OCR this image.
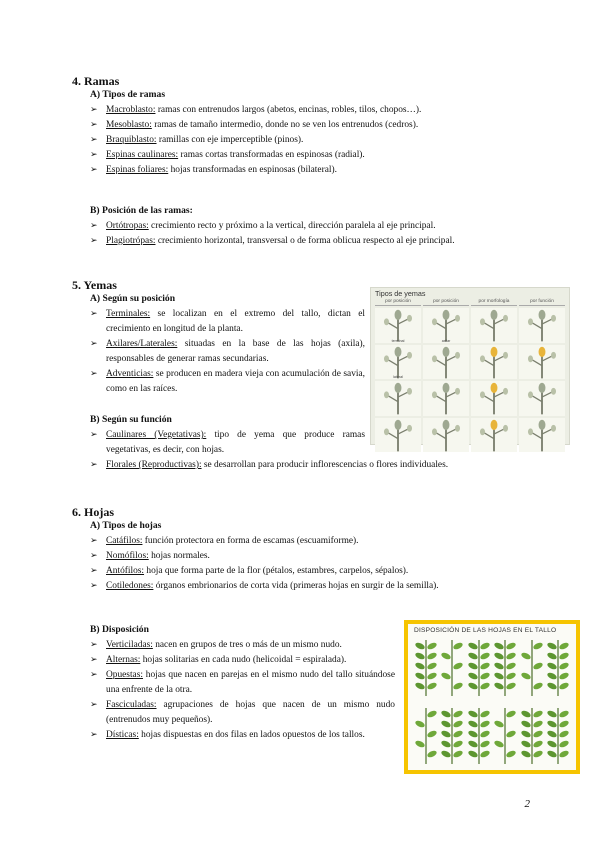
4. Ramas
A) Tipos de ramas
➢ Macroblasto: ramas con entrenudos largos (abetos, encinas, robles, tilos, chopos…).
➢ Mesoblasto: ramas de tamaño intermedio, donde no se ven los entrenudos (cedros).
➢ Braquiblasto: ramillas con eje imperceptible (pinos).
➢ Espinas caulinares: ramas cortas transformadas en espinosas (radial).
➢ Espinas foliares: hojas transformadas en espinosas (bilateral).
B) Posición de las ramas:
➢ Ortótropas: crecimiento recto y próximo a la vertical, dirección paralela al eje principal.
➢ Plagiotrópas: crecimiento horizontal, transversal o de forma oblicua respecto al eje principal.
5. Yemas
A) Según su posición
➢ Terminales: se localizan en el extremo del tallo, dictan el crecimiento en longitud de la planta.
➢ Axilares/Laterales: situadas en la base de las hojas (axila), responsables de generar ramas secundarias.
➢ Adventicias: se producen en madera vieja con acumulación de savia, como en las raíces.
B) Según su función
➢ Caulinares (Vegetativas): tipo de yema que produce ramas vegetativas, es decir, con hojas.
➢ Florales (Reproductivas): se desarrollan para producir inflorescencias o flores individuales.
Tipos de yemas
por posición	por posición	por morfología	por función
terminal	axilar
lateral
6. Hojas
A) Tipos de hojas
➢ Catáfilos: función protectora en forma de escamas (escuamiforme).
➢ Nomófilos: hojas normales.
➢ Antófilos: hoja que forma parte de la flor (pétalos, estambres, carpelos, sépalos).
➢ Cotiledones: órganos embrionarios de corta vida (primeras hojas en surgir de la semilla).
B) Disposición
➢ Verticiladas: nacen en grupos de tres o más de un mismo nudo.
➢ Alternas: hojas solitarias en cada nudo (helicoidal = espiralada).
➢ Opuestas: hojas que nacen en parejas en el mismo nudo del tallo situándose una enfrente de la otra.
➢ Fasciculadas: agrupaciones de hojas que nacen de un mismo nudo (entrenudos muy pequeños).
➢ Dísticas: hojas dispuestas en dos filas en lados opuestos de los tallos.
DISPOSICIÓN DE LAS HOJAS EN EL TALLO
2
